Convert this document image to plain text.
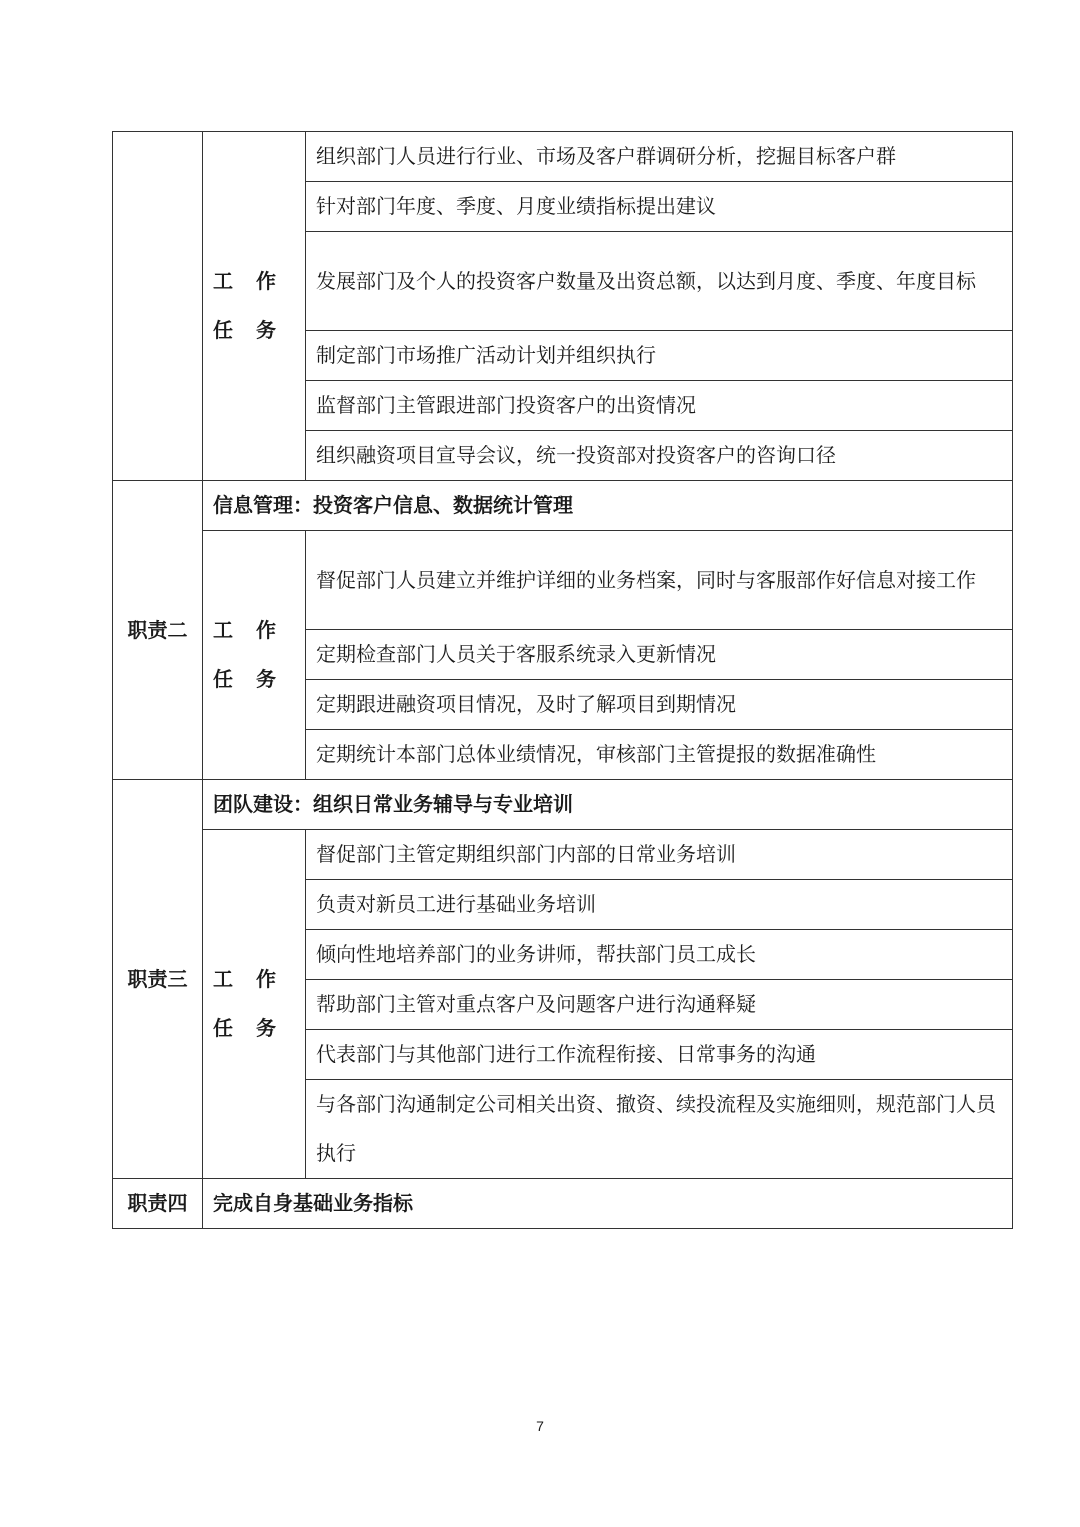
	工 作 任 务	组织部门人员进行行业、市场及客户群调研分析，挖掘目标客户群
		针对部门年度、季度、月度业绩指标提出建议
		发展部门及个人的投资客户数量及出资总额，以达到月度、季度、年度目标
		制定部门市场推广活动计划并组织执行
		监督部门主管跟进部门投资客户的出资情况
		组织融资项目宣导会议，统一投资部对投资客户的咨询口径
职责二	信息管理：投资客户信息、数据统计管理	
	工 作 任 务	督促部门人员建立并维护详细的业务档案，同时与客服部作好信息对接工作
		定期检查部门人员关于客服系统录入更新情况
		定期跟进融资项目情况，及时了解项目到期情况
		定期统计本部门总体业绩情况，审核部门主管提报的数据准确性
职责三	团队建设：组织日常业务辅导与专业培训	
	工 作 任 务	督促部门主管定期组织部门内部的日常业务培训
		负责对新员工进行基础业务培训
		倾向性地培养部门的业务讲师，帮扶部门员工成长
		帮助部门主管对重点客户及问题客户进行沟通释疑
		代表部门与其他部门进行工作流程衔接、日常事务的沟通
		与各部门沟通制定公司相关出资、撤资、续投流程及实施细则，规范部门人员执行
职责四	完成自身基础业务指标	
7
